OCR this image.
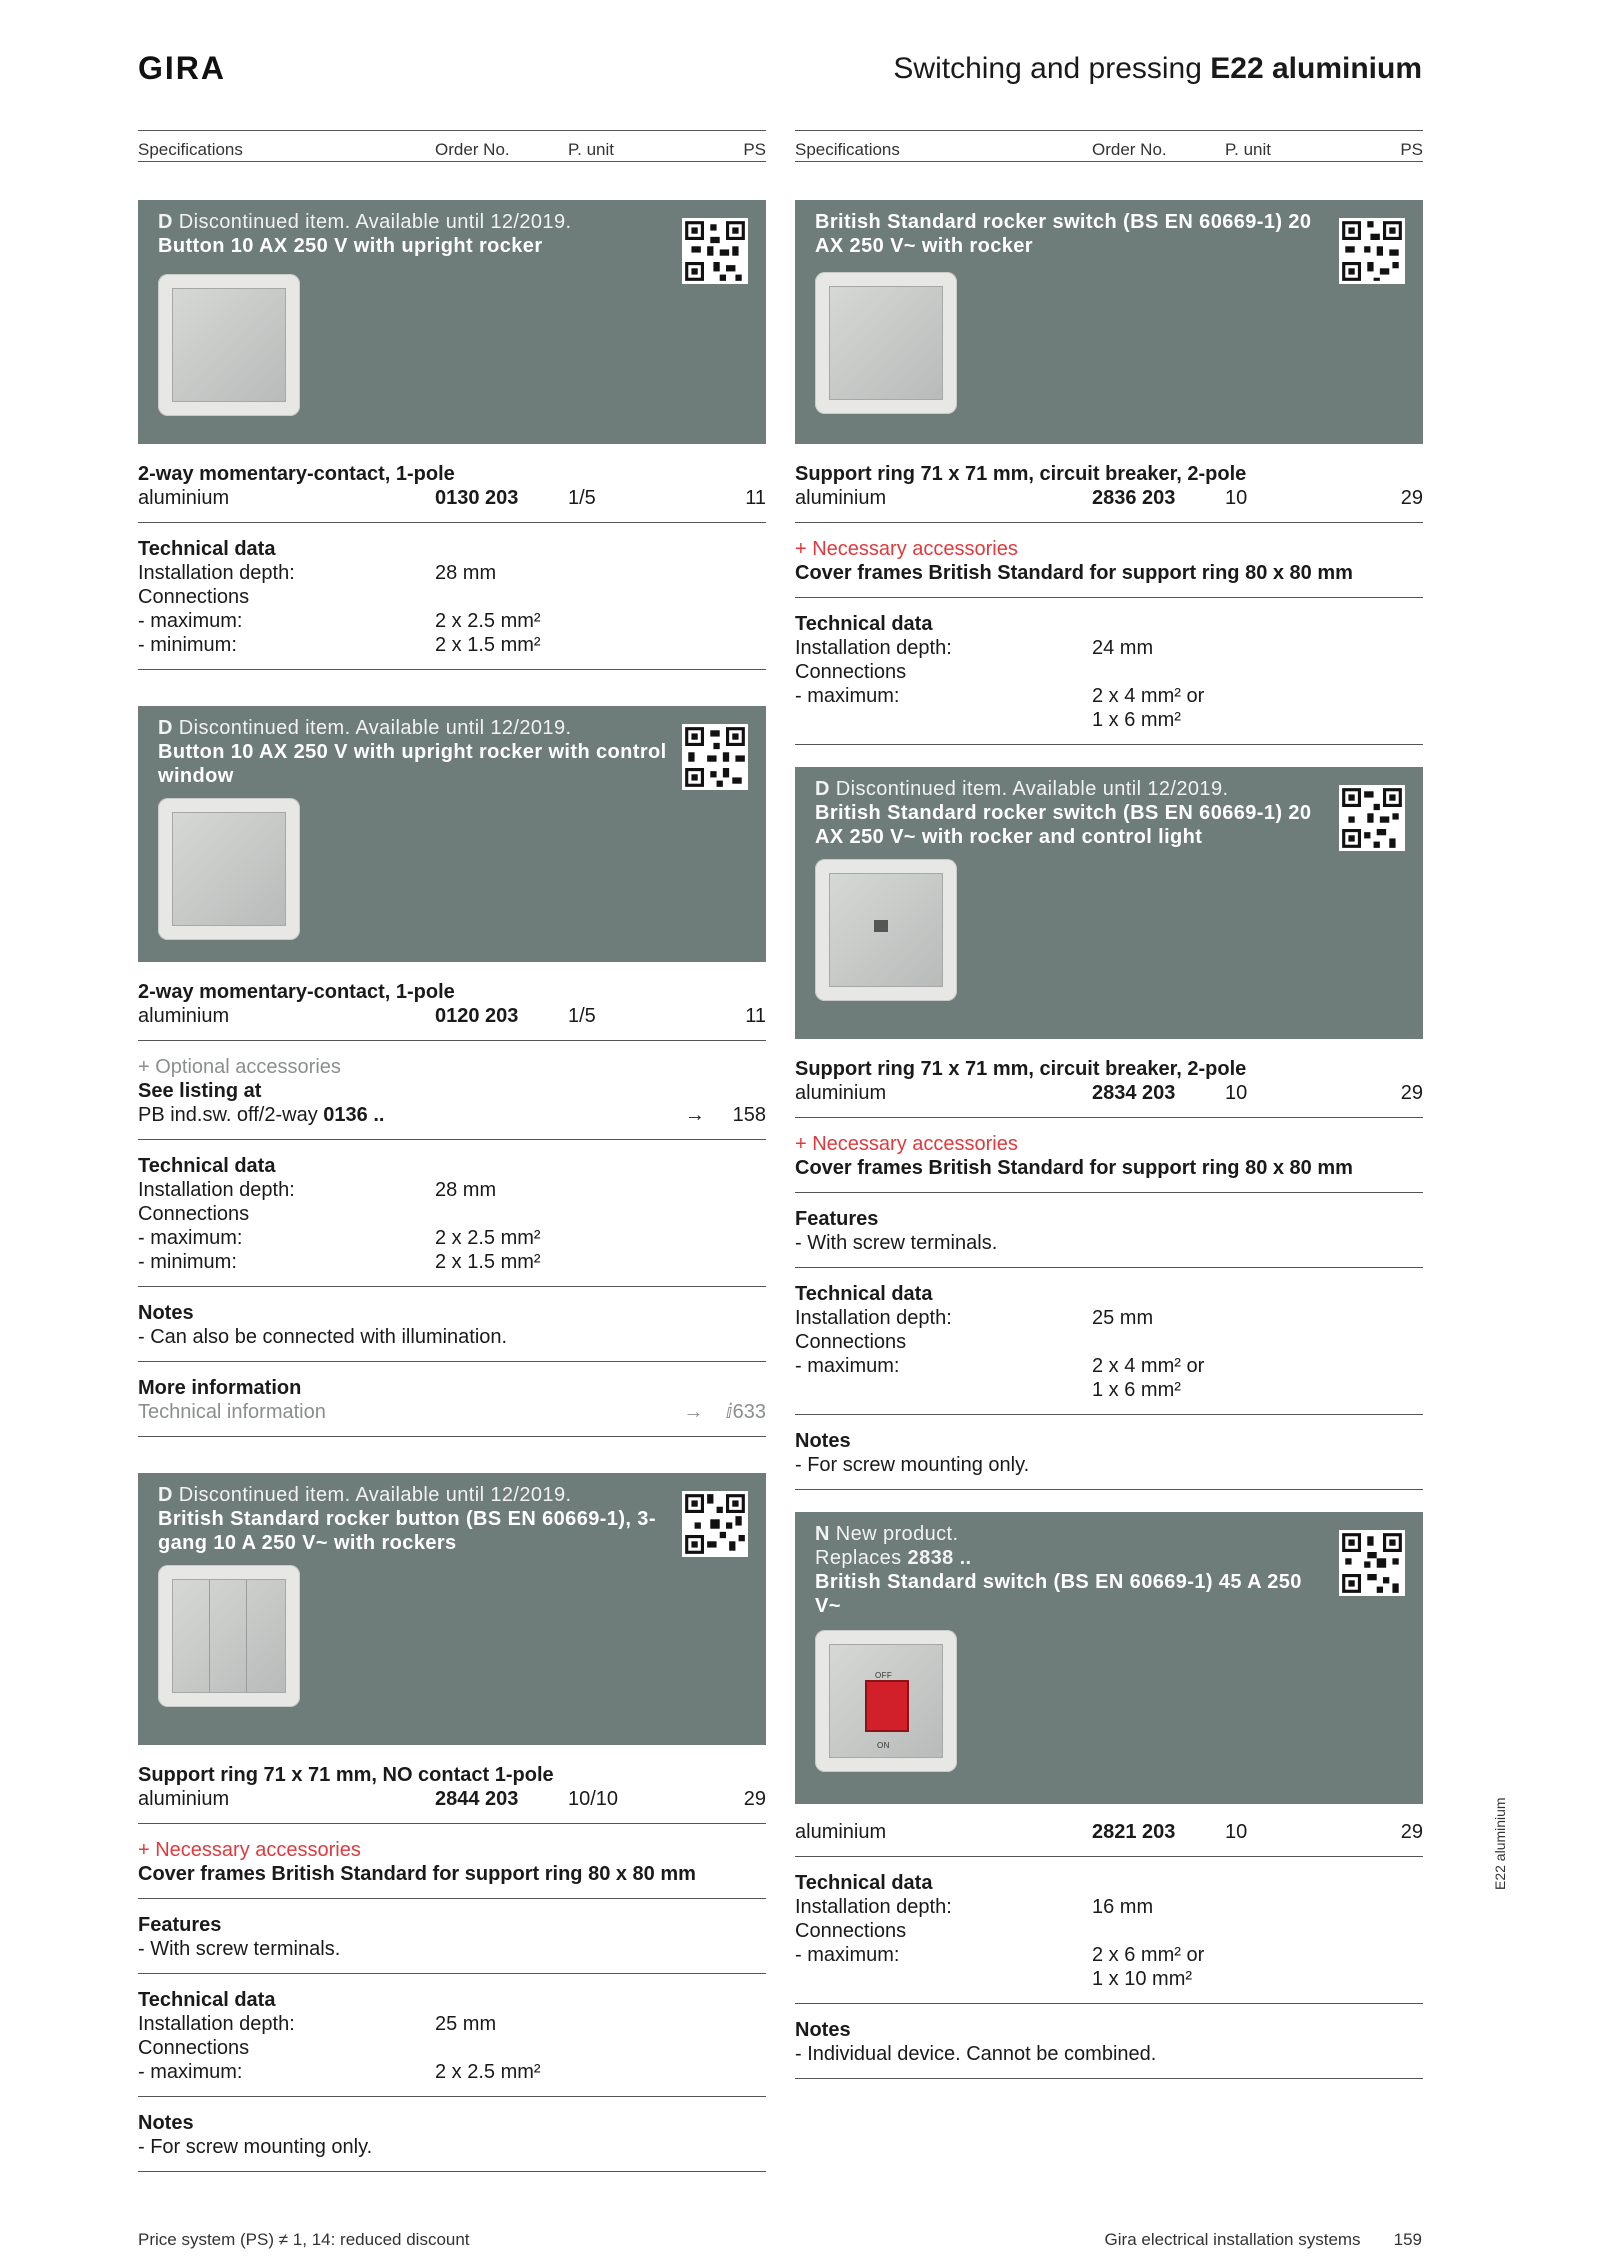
GIRA	Switching and pressing E22 aluminium
Specifications	Order No.	P. unit	PS
D Discontinued item. Available until 12/2019.
Button 10 AX 250 V with upright rocker
2-way momentary-contact, 1-pole
aluminium	0130 203	1/5	11
Technical data
Installation depth:	28 mm
Connections
- maximum:	2 x 2.5 mm²
- minimum:	2 x 1.5 mm²
D Discontinued item. Available until 12/2019.
Button 10 AX 250 V with upright rocker with control window
2-way momentary-contact, 1-pole
aluminium	0120 203	1/5	11
+ Optional accessories
See listing at
PB ind.sw. off/2-way 0136 ..	→ 158
Technical data
Installation depth:	28 mm
Connections
- maximum:	2 x 2.5 mm²
- minimum:	2 x 1.5 mm²
Notes
- Can also be connected with illumination.
More information
Technical information	→ ⅈ633
D Discontinued item. Available until 12/2019.
British Standard rocker button (BS EN 60669-1), 3-gang 10 A 250 V~ with rockers
Support ring 71 x 71 mm, NO contact 1-pole
aluminium	2844 203	10/10	29
+ Necessary accessories
Cover frames British Standard for support ring 80 x 80 mm
Features
- With screw terminals.
Technical data
Installation depth:	25 mm
Connections
- maximum:	2 x 2.5 mm²
Notes
- For screw mounting only.
Specifications	Order No.	P. unit	PS
British Standard rocker switch (BS EN 60669-1) 20 AX 250 V~ with rocker
Support ring 71 x 71 mm, circuit breaker, 2-pole
aluminium	2836 203	10	29
+ Necessary accessories
Cover frames British Standard for support ring 80 x 80 mm
Technical data
Installation depth:	24 mm
Connections
- maximum:	2 x 4 mm² or
1 x 6 mm²
D Discontinued item. Available until 12/2019.
British Standard rocker switch (BS EN 60669-1) 20 AX 250 V~ with rocker and control light
Support ring 71 x 71 mm, circuit breaker, 2-pole
aluminium	2834 203	10	29
+ Necessary accessories
Cover frames British Standard for support ring 80 x 80 mm
Features
- With screw terminals.
Technical data
Installation depth:	25 mm
Connections
- maximum:	2 x 4 mm² or
1 x 6 mm²
Notes
- For screw mounting only.
N New product.
Replaces 2838 ..
British Standard switch (BS EN 60669-1) 45 A 250 V~
OFF
ON
aluminium	2821 203	10	29
Technical data
Installation depth:	16 mm
Connections
- maximum:	2 x 6 mm² or
1 x 10 mm²
Notes
- Individual device. Cannot be combined.
E22 aluminium
Price system (PS) ≠ 1, 14: reduced discount	Gira electrical installation systems 159
